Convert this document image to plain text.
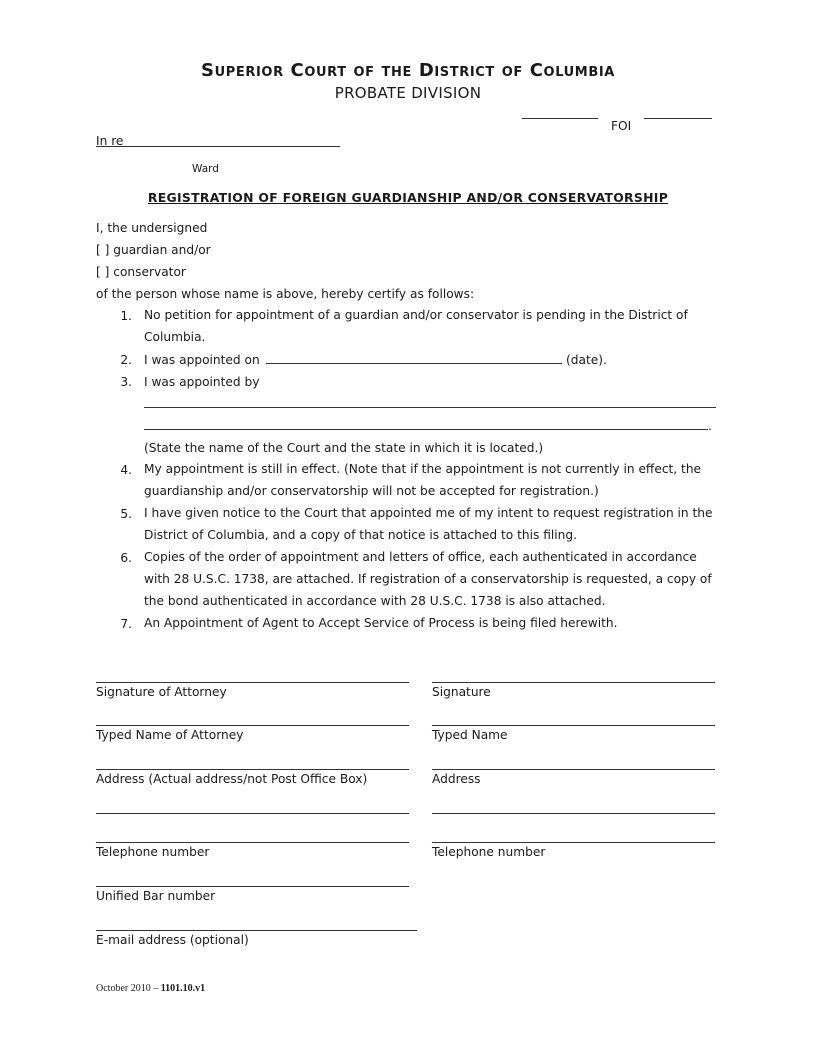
Superior Court of the District of Columbia
PROBATE DIVISION
FOI
In re
Ward
REGISTRATION OF FOREIGN GUARDIANSHIP AND/OR CONSERVATORSHIP
I, the undersigned
[ ] guardian and/or
[ ] conservator
of the person whose name is above, hereby certify as follows:
1. No petition for appointment of a guardian and/or conservator is pending in the District of Columbia.
2. I was appointed on	(date).
3. I was appointed by
.
(State the name of the Court and the state in which it is located.)
4. My appointment is still in effect. (Note that if the appointment is not currently in effect, the guardianship and/or conservatorship will not be accepted for registration.)
5. I have given notice to the Court that appointed me of my intent to request registration in the District of Columbia, and a copy of that notice is attached to this filing.
6. Copies of the order of appointment and letters of office, each authenticated in accordance with 28 U.S.C. 1738, are attached. If registration of a conservatorship is requested, a copy of the bond authenticated in accordance with 28 U.S.C. 1738 is also attached.
7. An Appointment of Agent to Accept Service of Process is being filed herewith.
Signature of Attorney
Typed Name of Attorney
Address (Actual address/not Post Office Box)
Telephone number
Unified Bar number
E-mail address (optional)
Signature
Typed Name
Address
Telephone number
October 2010 – 1101.10.v1
